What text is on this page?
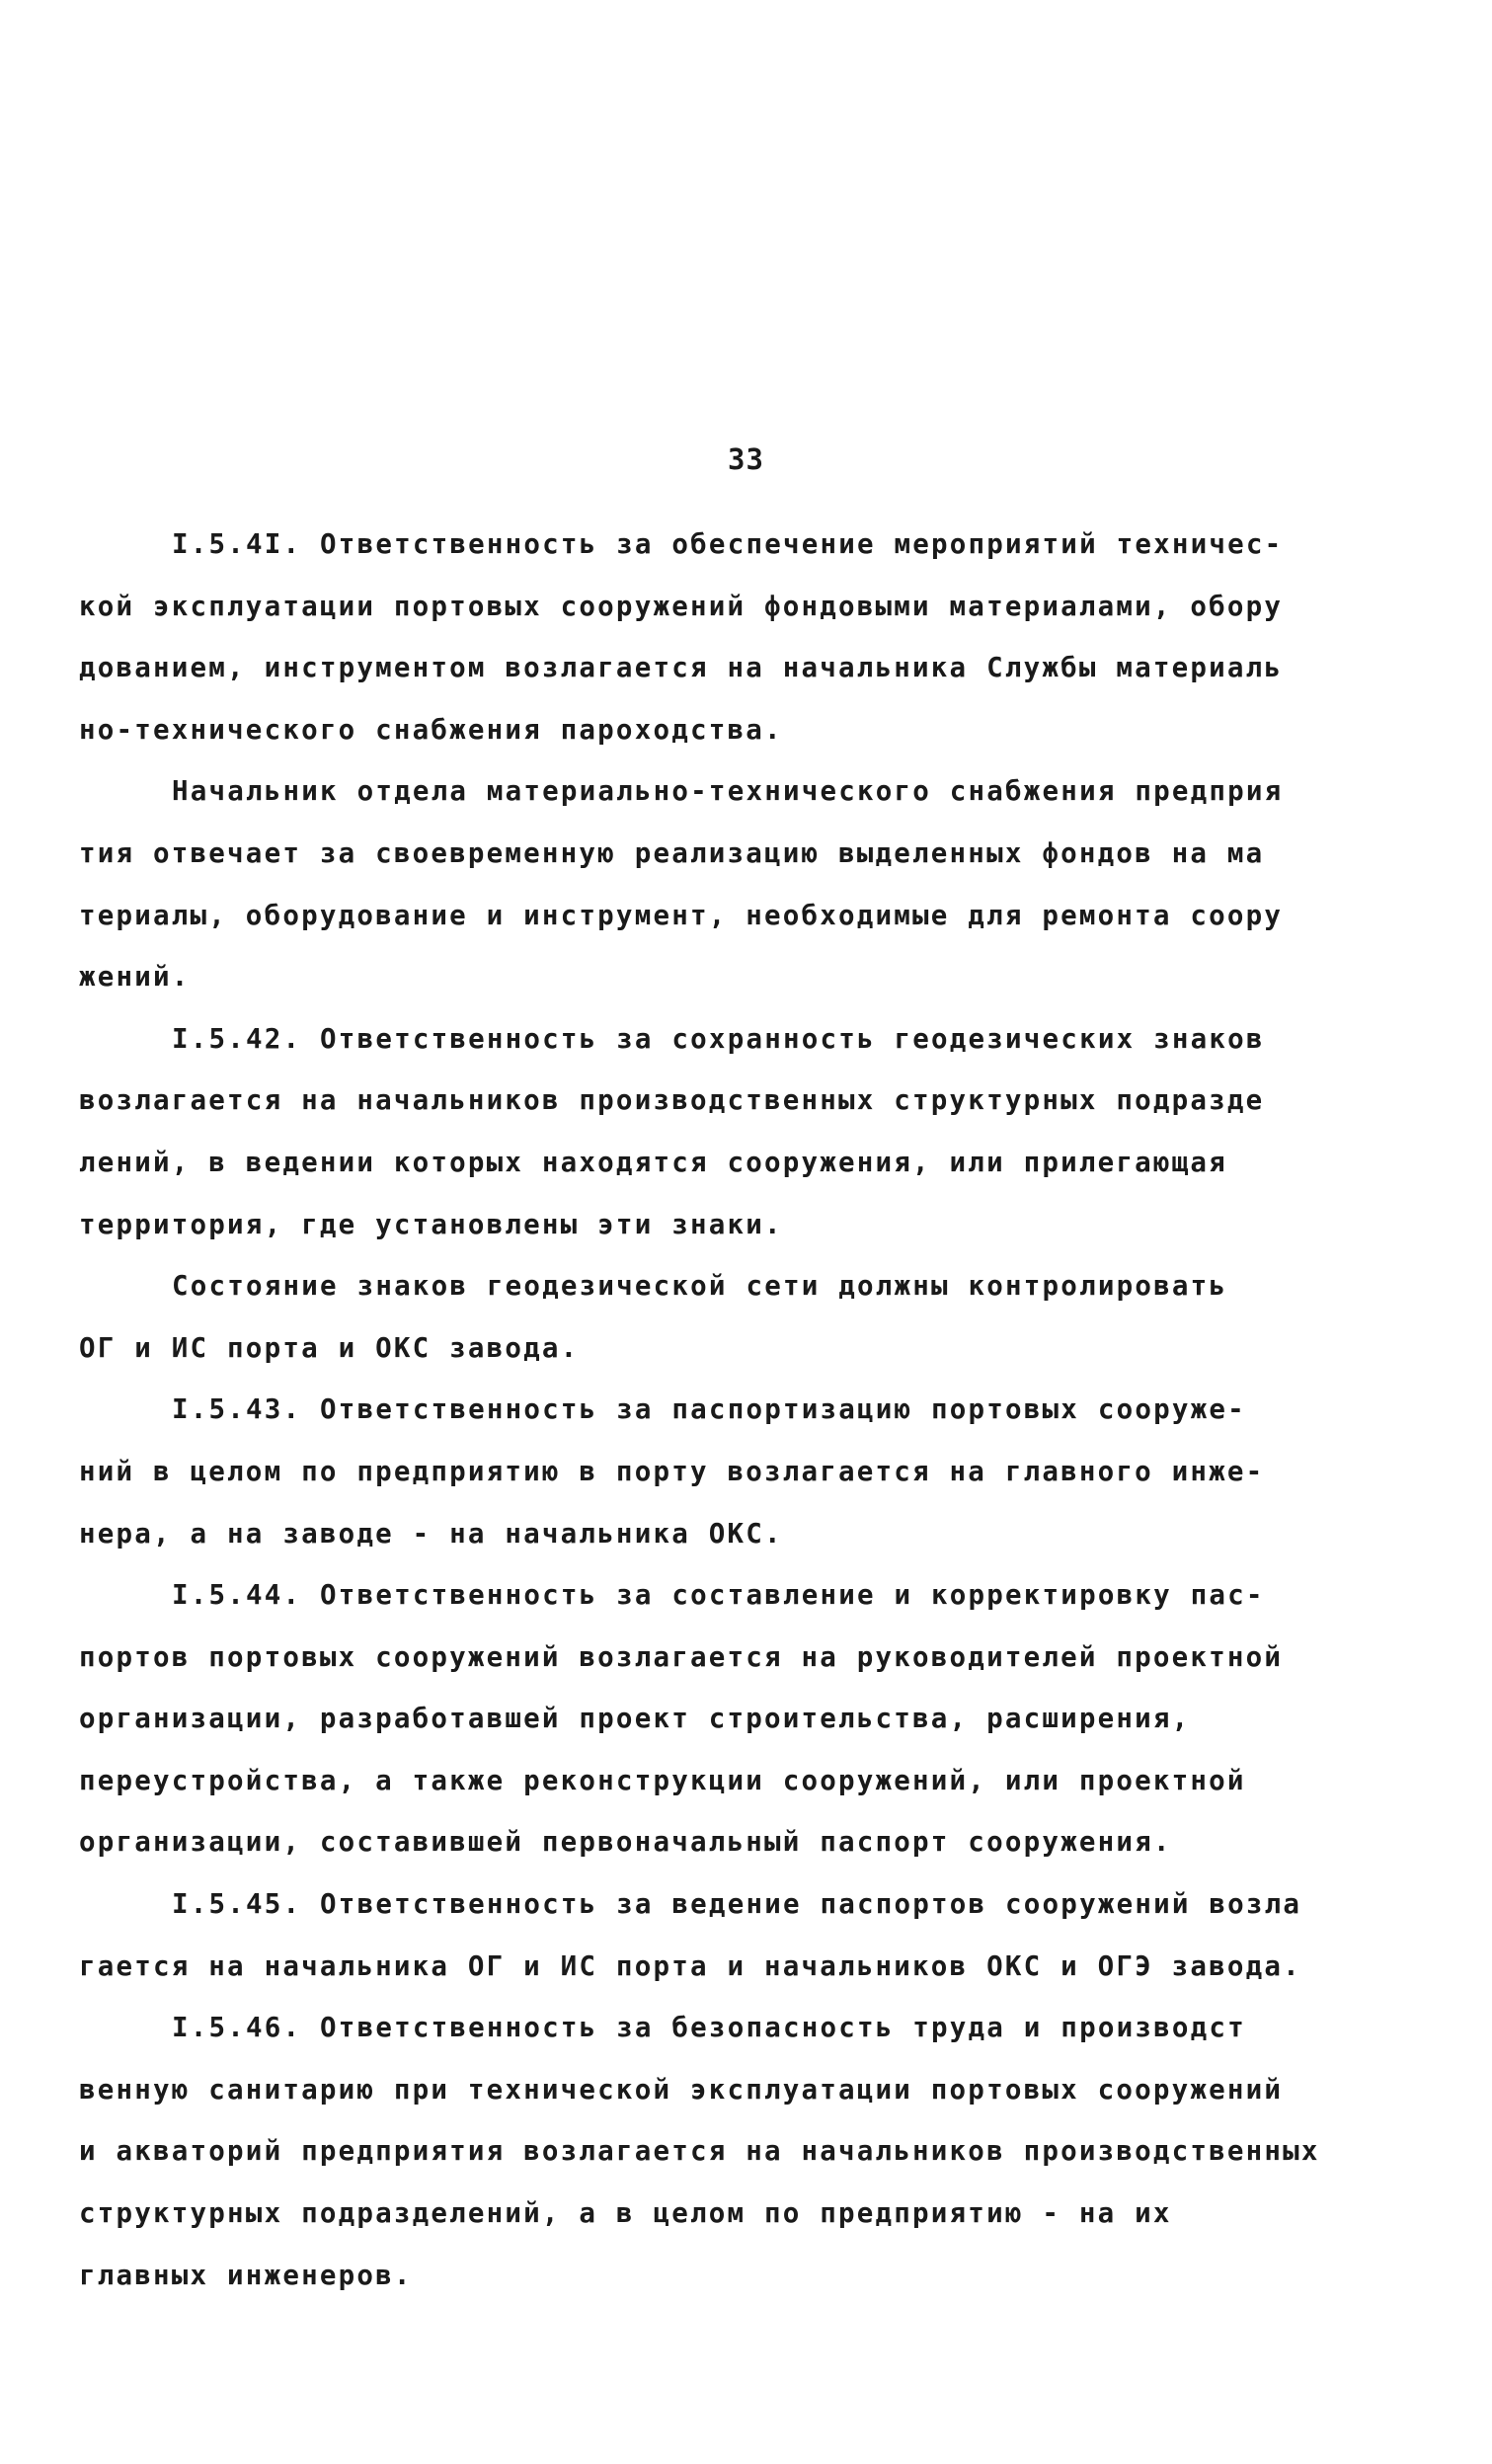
33
I.5.4I. Ответственность за обеспечение мероприятий техничес-
кой эксплуатации портовых сооружений фондовыми материалами, обору
дованием, инструментом возлагается на начальника Службы материаль
но-технического снабжения пароходства.
Начальник отдела материально-технического снабжения предприя
тия отвечает за своевременную реализацию выделенных фондов на ма
териалы, оборудование и инструмент, необходимые для ремонта соору
жений.
I.5.42. Ответственность за сохранность геодезических знаков
возлагается на начальников производственных структурных подразде
лений, в ведении которых находятся сооружения, или прилегающая
территория, где установлены эти знаки.
Состояние знаков геодезической сети должны контролировать
ОГ и ИС порта и ОКС завода.
I.5.43. Ответственность за паспортизацию портовых сооруже-
ний в целом по предприятию в порту возлагается на главного инже-
нера, а на заводе - на начальника ОКС.
I.5.44. Ответственность за составление и корректировку пас-
портов портовых сооружений возлагается на руководителей проектной
организации, разработавшей проект строительства, расширения,
переустройства, а также реконструкции сооружений, или проектной
организации, составившей первоначальный паспорт сооружения.
I.5.45. Ответственность за ведение паспортов сооружений возла
гается на начальника ОГ и ИС порта и начальников ОКС и ОГЭ завода.
I.5.46. Ответственность за безопасность труда и производст
венную санитарию при технической эксплуатации портовых сооружений
и акваторий предприятия возлагается на начальников производственных
структурных подразделений, а в целом по предприятию - на их
главных инженеров.
